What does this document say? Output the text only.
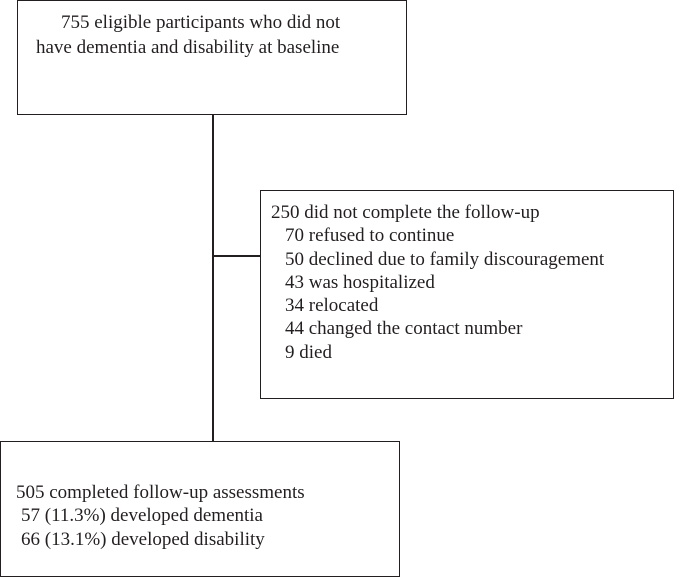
755 eligible participants who did not
have dementia and disability at baseline
250 did not complete the follow-up
70 refused to continue
50 declined due to family discouragement
43 was hospitalized
34 relocated
44 changed the contact number
9 died
505 completed follow-up assessments
57 (11.3%) developed dementia
66 (13.1%) developed disability
